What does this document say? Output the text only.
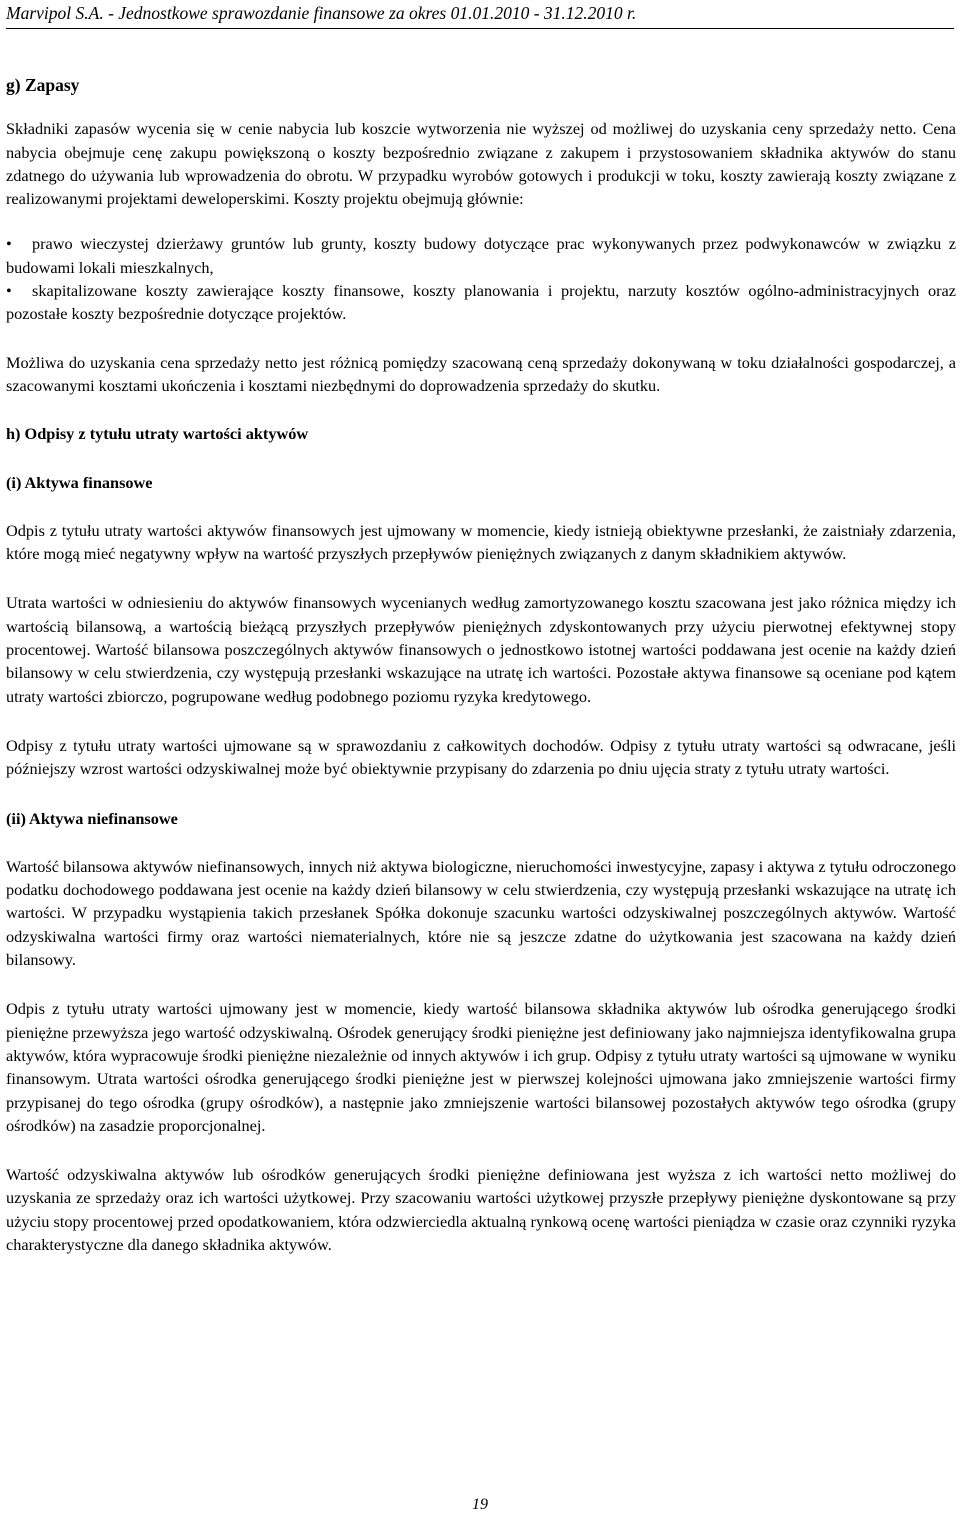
Marvipol S.A. - Jednostkowe sprawozdanie finansowe za okres 01.01.2010 - 31.12.2010 r.

g) Zapasy

Składniki zapasów wycenia się w cenie nabycia lub koszcie wytworzenia nie wyższej od możliwej do uzyskania ceny sprzedaży netto. Cena nabycia obejmuje cenę zakupu powiększoną o koszty bezpośrednio związane z zakupem i przystosowaniem składnika aktywów do stanu zdatnego do używania lub wprowadzenia do obrotu. W przypadku wyrobów gotowych i produkcji w toku, koszty zawierają koszty związane z realizowanymi projektami deweloperskimi. Koszty projektu obejmują głównie:

•	prawo wieczystej dzierżawy gruntów lub grunty, koszty budowy dotyczące prac wykonywanych przez podwykonawców w związku z budowami lokali mieszkalnych,
•	skapitalizowane koszty zawierające koszty finansowe, koszty planowania i projektu, narzuty kosztów ogólno-administracyjnych oraz pozostałe koszty bezpośrednie dotyczące projektów.

Możliwa do uzyskania cena sprzedaży netto jest różnicą pomiędzy szacowaną ceną sprzedaży dokonywaną w toku działalności gospodarczej, a szacowanymi kosztami ukończenia i kosztami niezbędnymi do doprowadzenia sprzedaży do skutku.

h) Odpisy z tytułu utraty wartości aktywów

(i) Aktywa finansowe

Odpis z tytułu utraty wartości aktywów finansowych jest ujmowany w momencie, kiedy istnieją obiektywne przesłanki, że zaistniały zdarzenia, które mogą mieć negatywny wpływ na wartość przyszłych przepływów pieniężnych związanych z danym składnikiem aktywów.

Utrata wartości w odniesieniu do aktywów finansowych wycenianych według zamortyzowanego kosztu szacowana jest jako różnica między ich wartością bilansową, a wartością bieżącą przyszłych przepływów pieniężnych zdyskontowanych przy użyciu pierwotnej efektywnej stopy procentowej. Wartość bilansowa poszczególnych aktywów finansowych o jednostkowo istotnej wartości poddawana jest ocenie na każdy dzień bilansowy w celu stwierdzenia, czy występują przesłanki wskazujące na utratę ich wartości. Pozostałe aktywa finansowe są oceniane pod kątem utraty wartości zbiorczo, pogrupowane według podobnego poziomu ryzyka kredytowego.

Odpisy z tytułu utraty wartości ujmowane są w sprawozdaniu z całkowitych dochodów. Odpisy z tytułu utraty wartości są odwracane, jeśli późniejszy wzrost wartości odzyskiwalnej może być obiektywnie przypisany do zdarzenia po dniu ujęcia straty z tytułu utraty wartości.

(ii) Aktywa niefinansowe

Wartość bilansowa aktywów niefinansowych, innych niż aktywa biologiczne, nieruchomości inwestycyjne, zapasy i aktywa z tytułu odroczonego podatku dochodowego poddawana jest ocenie na każdy dzień bilansowy w celu stwierdzenia, czy występują przesłanki wskazujące na utratę ich wartości. W przypadku wystąpienia takich przesłanek Spółka dokonuje szacunku wartości odzyskiwalnej poszczególnych aktywów. Wartość odzyskiwalna wartości firmy oraz wartości niematerialnych, które nie są jeszcze zdatne do użytkowania jest szacowana na każdy dzień bilansowy.

Odpis z tytułu utraty wartości ujmowany jest w momencie, kiedy wartość bilansowa składnika aktywów lub ośrodka generującego środki pieniężne przewyższa jego wartość odzyskiwalną. Ośrodek generujący środki pieniężne jest definiowany jako najmniejsza identyfikowalna grupa aktywów, która wypracowuje środki pieniężne niezależnie od innych aktywów i ich grup. Odpisy z tytułu utraty wartości są ujmowane w wyniku finansowym. Utrata wartości ośrodka generującego środki pieniężne jest w pierwszej kolejności ujmowana jako zmniejszenie wartości firmy przypisanej do tego ośrodka (grupy ośrodków), a następnie jako zmniejszenie wartości bilansowej pozostałych aktywów tego ośrodka (grupy ośrodków) na zasadzie proporcjonalnej.

Wartość odzyskiwalna aktywów lub ośrodków generujących środki pieniężne definiowana jest wyższa z ich wartości netto możliwej do uzyskania ze sprzedaży oraz ich wartości użytkowej. Przy szacowaniu wartości użytkowej przyszłe przepływy pieniężne dyskontowane są przy użyciu stopy procentowej przed opodatkowaniem, która odzwierciedla aktualną rynkową ocenę wartości pieniądza w czasie oraz czynniki ryzyka charakterystyczne dla danego składnika aktywów.

19
